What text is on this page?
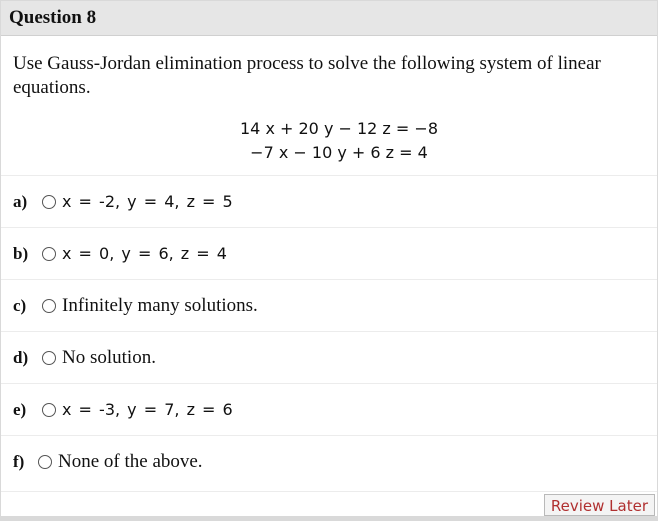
Question 8
Use Gauss-Jordan elimination process to solve the following system of linear equations.
14 x + 20 y − 12 z = −8
−7 x − 10 y + 6 z = 4
a)	x = -2, y = 4, z = 5
b)	x = 0, y = 6, z = 4
c)	Infinitely many solutions.
d)	No solution.
e)	x = -3, y = 7, z = 6
f)	None of the above.
Review Later
